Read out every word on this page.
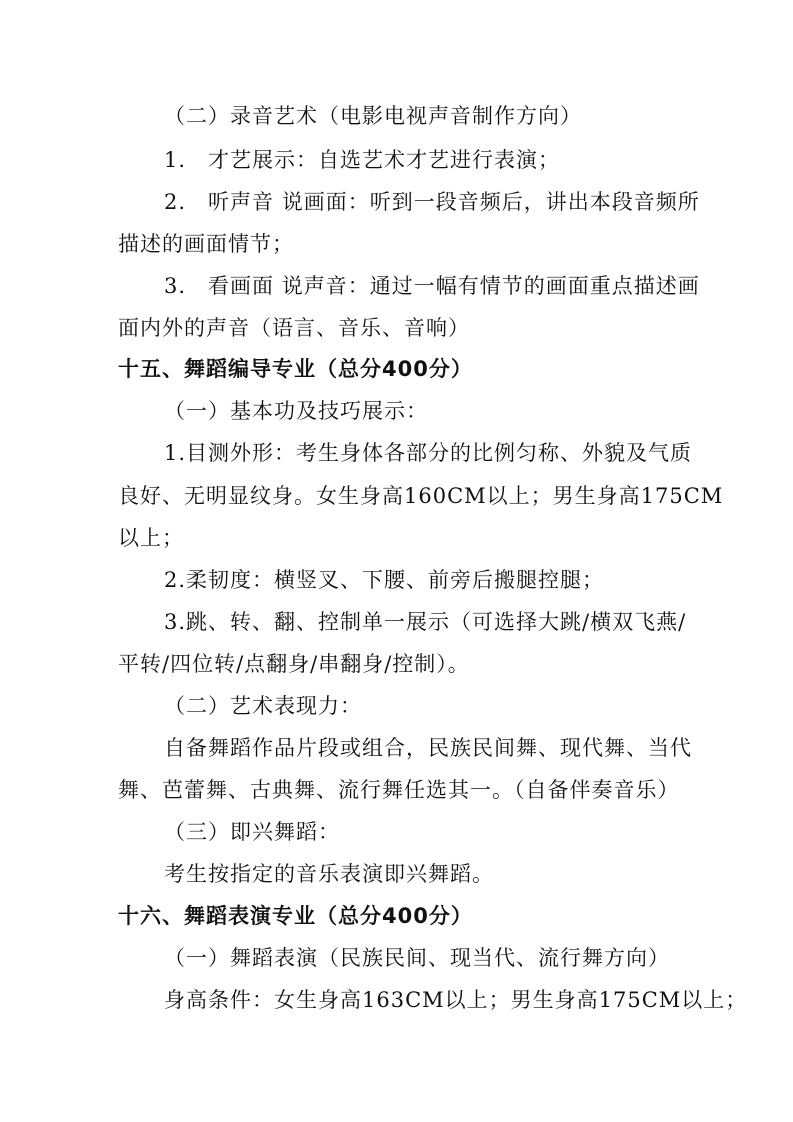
（二）录音艺术（电影电视声音制作方向）
1.　才艺展示：自选艺术才艺进行表演；
2.　听声音 说画面：听到一段音频后，讲出本段音频所
描述的画面情节；
3.　看画面 说声音：通过一幅有情节的画面重点描述画
面内外的声音（语言、音乐、音响）
十五、舞蹈编导专业（总分400分）
（一）基本功及技巧展示：
1.目测外形：考生身体各部分的比例匀称、外貌及气质
良好、无明显纹身。女生身高160CM以上；男生身高175CM
以上；
2.柔韧度：横竖叉、下腰、前旁后搬腿控腿；
3.跳、转、翻、控制单一展示（可选择大跳/横双飞燕/
平转/四位转/点翻身/串翻身/控制）。
（二）艺术表现力：
自备舞蹈作品片段或组合，民族民间舞、现代舞、当代
舞、芭蕾舞、古典舞、流行舞任选其一。（自备伴奏音乐）
（三）即兴舞蹈：
考生按指定的音乐表演即兴舞蹈。
十六、舞蹈表演专业（总分400分）
（一）舞蹈表演（民族民间、现当代、流行舞方向）
身高条件：女生身高163CM以上；男生身高175CM以上；
